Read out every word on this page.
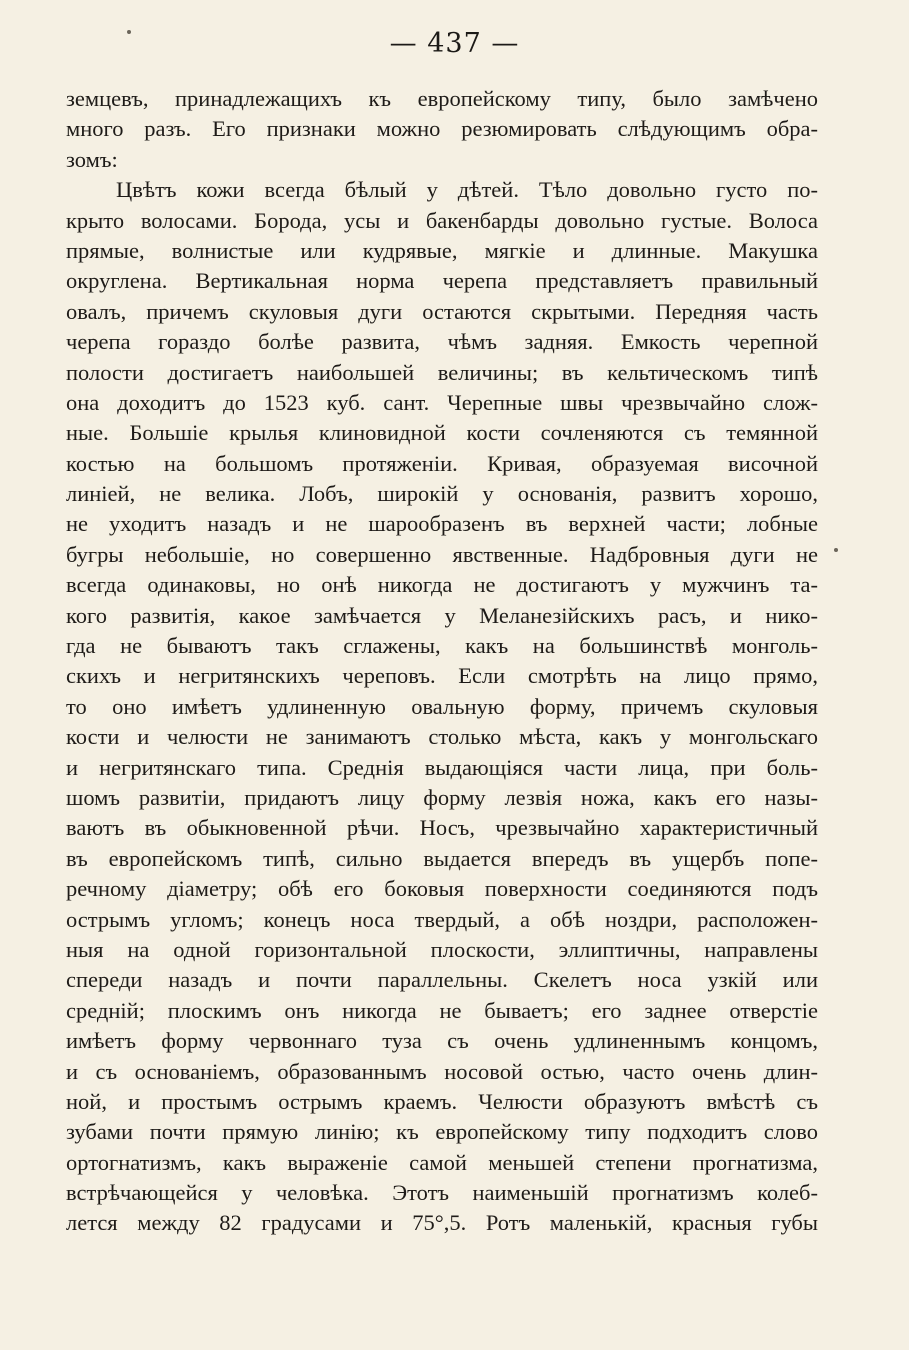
— 437 —
земцевъ, принадлежащихъ къ европейскому типу, было замѣчено
много разъ. Его признаки можно резюмировать слѣдующимъ обра-
зомъ:
Цвѣтъ кожи всегда бѣлый у дѣтей. Тѣло довольно густо по-
крыто волосами. Борода, усы и бакенбарды довольно густые. Волоса
прямые, волнистые или кудрявые, мягкіе и длинные. Макушка
округлена. Вертикальная норма черепа представляетъ правильный
овалъ, причемъ скуловыя дуги остаются скрытыми. Передняя часть
черепа гораздо болѣе развита, чѣмъ задняя. Емкость черепной
полости достигаетъ наибольшей величины; въ кельтическомъ типѣ
она доходитъ до 1523 куб. сант. Черепные швы чрезвычайно слож-
ные. Большіе крылья клиновидной кости сочленяются съ темянной
костью на большомъ протяженіи. Кривая, образуемая височной
линіей, не велика. Лобъ, широкій у основанія, развитъ хорошо,
не уходитъ назадъ и не шарообразенъ въ верхней части; лобные
бугры небольшіе, но совершенно явственные. Надбровныя дуги не
всегда одинаковы, но онѣ никогда не достигаютъ у мужчинъ та-
кого развитія, какое замѣчается у Меланезійскихъ расъ, и нико-
гда не бываютъ такъ сглажены, какъ на большинствѣ монголь-
скихъ и негритянскихъ череповъ. Если смотрѣть на лицо прямо,
то оно имѣетъ удлиненную овальную форму, причемъ скуловыя
кости и челюсти не занимаютъ столько мѣста, какъ у монгольскаго
и негритянскаго типа. Среднія выдающіяся части лица, при боль-
шомъ развитіи, придаютъ лицу форму лезвія ножа, какъ его назы-
ваютъ въ обыкновенной рѣчи. Носъ, чрезвычайно характеристичный
въ европейскомъ типѣ, сильно выдается впередъ въ ущербъ попе-
речному діаметру; обѣ его боковыя поверхности соединяются подъ
острымъ угломъ; конецъ носа твердый, а обѣ ноздри, расположен-
ныя на одной горизонтальной плоскости, эллиптичны, направлены
спереди назадъ и почти параллельны. Скелетъ носа узкій или
средній; плоскимъ онъ никогда не бываетъ; его заднее отверстіе
имѣетъ форму червоннаго туза съ очень удлиненнымъ концомъ,
и съ основаніемъ, образованнымъ носовой остью, часто очень длин-
ной, и простымъ острымъ краемъ. Челюсти образуютъ вмѣстѣ съ
зубами почти прямую линію; къ европейскому типу подходитъ слово
ортогнатизмъ, какъ выраженіе самой меньшей степени прогнатизма,
встрѣчающейся у человѣка. Этотъ наименьшій прогнатизмъ колеб-
лется между 82 градусами и 75°,5. Ротъ маленькій, красныя губы
